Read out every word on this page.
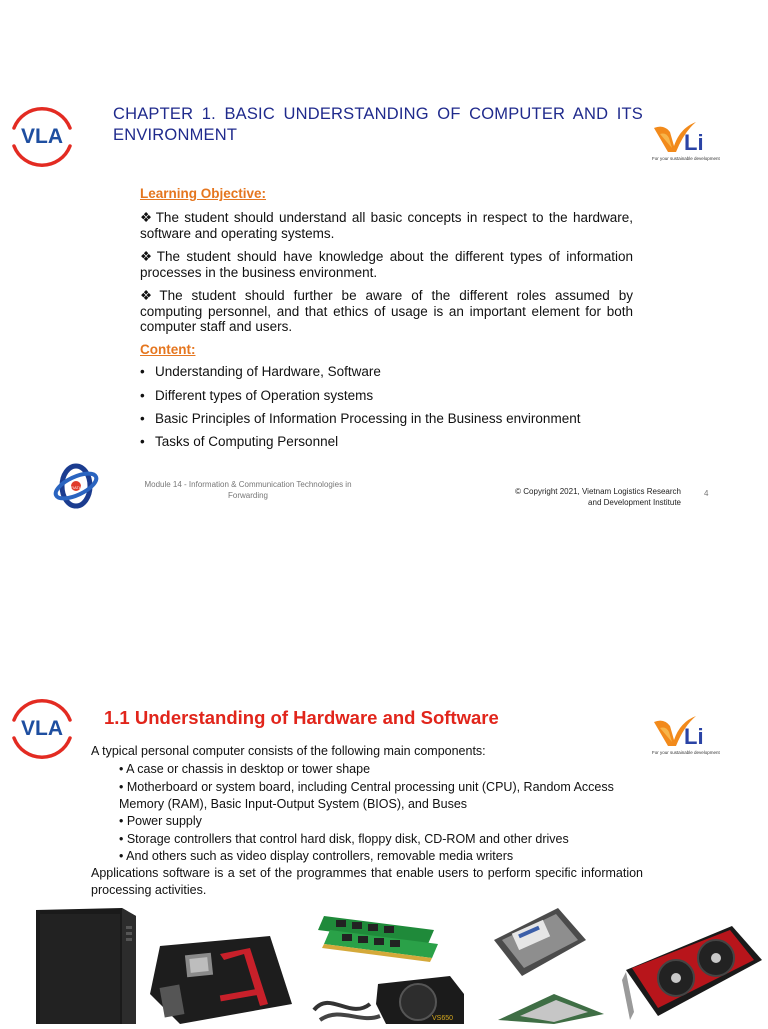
VLA
CHAPTER 1. BASIC UNDERSTANDING OF COMPUTER AND ITS ENVIRONMENT	Li
For your sustainable development
Learning Objective:
❖ The student should understand all basic concepts in respect to the hardware, software and operating systems.
❖ The student should have knowledge about the different types of information processes in the business environment.
❖ The student should further be aware of the different roles assumed by computing personnel, and that ethics of usage is an important element for both computer staff and users.
Content:
• Understanding of Hardware, Software
• Different types of Operation systems
• Basic Principles of Information Processing in the Business environment
• Tasks of Computing Personnel
FIATA	Module 14 - Information & Communication Technologies in
Forwarding	© Copyright 2021, Vietnam Logistics Research
and Development Institute
4
VLA 1.1 Understanding of Hardware and Software
Li
For your sustainable development
A typical personal computer consists of the following main components:
• A case or chassis in desktop or tower shape
• Motherboard or system board, including Central processing unit (CPU), Random Access
Memory (RAM), Basic Input-Output System (BIOS), and Buses
• Power supply
• Storage controllers that control hard disk, floppy disk, CD-ROM and other drives
• And others such as video display controllers, removable media writers
Applications software is a set of the programmes that enable users to perform specific information processing activities.
VS650
